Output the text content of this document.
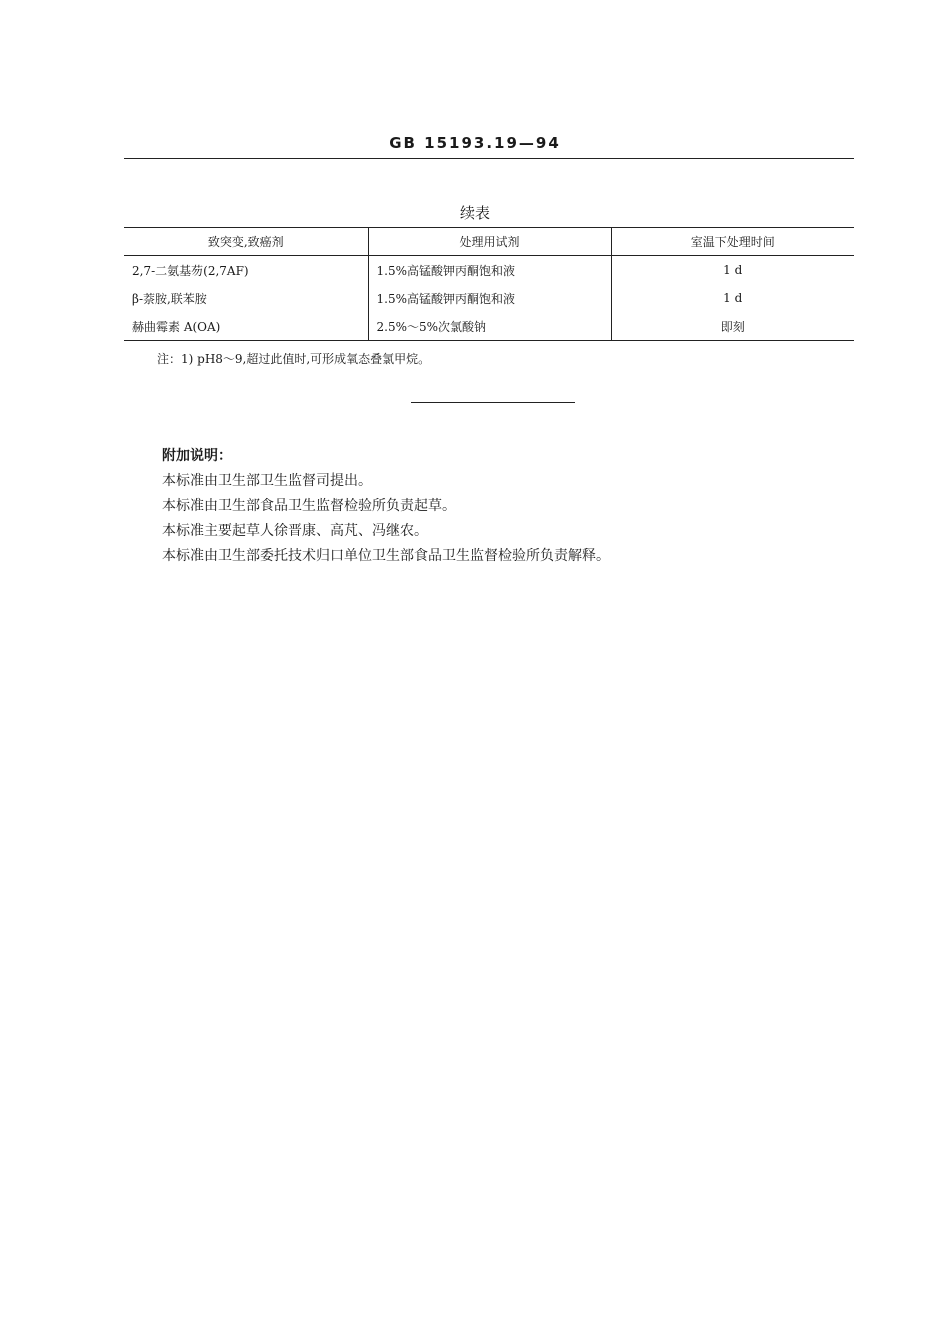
GB 15193.19—94
续表
致突变,致癌剂	处理用试剂	室温下处理时间
2,7-二氨基芴(2,7AF)	1.5%高锰酸钾丙酮饱和液	1 d
β-萘胺,联苯胺	1.5%高锰酸钾丙酮饱和液	1 d
赫曲霉素 A(OA)	2.5%～5%次氯酸钠	即刻
注：1) pH8～9,超过此值时,可形成氧态叠氯甲烷。
附加说明：
本标准由卫生部卫生监督司提出。
本标准由卫生部食品卫生监督检验所负责起草。
本标准主要起草人徐晋康、高芃、冯继农。
本标准由卫生部委托技术归口单位卫生部食品卫生监督检验所负责解释。
